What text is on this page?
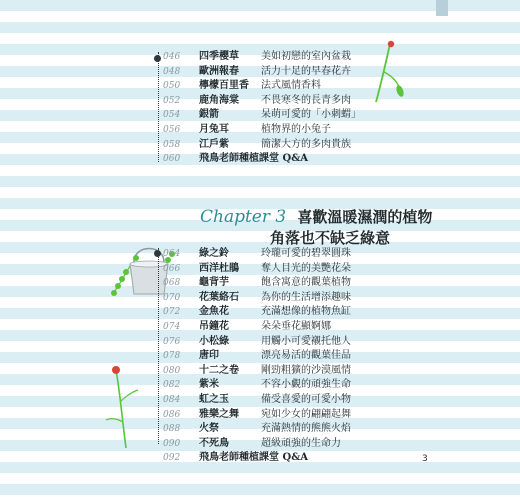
046 四季櫻草 美如初戀的室內盆栽
048 歐洲報春 活力十足的早春花卉
050 檸檬百里香 法式風情香料
052 鹿角海棠 不畏寒冬的長青多肉
054 銀箭	呆萌可愛的「小刺蝟」
056 月兔耳	植物界的小兔子
058 江戶紫	簡潔大方的多肉貴族
060 飛鳥老師種植課堂 Q&A
Chapter 3 喜歡溫暖濕潤的植物
角落也不缺乏綠意
064 綠之鈴	玲瓏可愛的碧翠圓珠
066 西洋杜鵑 奪人目光的美艷花朵
068 龜背芋	飽含寓意的觀葉植物
070 花葉絡石 為你的生活增添趣味
072 金魚花	充滿想像的植物魚缸
074 吊鐘花	朵朵垂花顯婀娜
076 小松綠	用觸小可愛襯托他人
078 唐印	漂亮易活的觀葉佳品
080 十二之卷 剛勁粗獷的沙漠風情
082 紫米	不容小覷的頑強生命
084 虹之玉	備受喜愛的可愛小物
086 雅樂之舞 宛如少女的翩翩起舞
088 火祭	充滿熱情的熊熊火焰
090 不死鳥	超級頑強的生命力
092 飛鳥老師種植課堂 Q&A	3
